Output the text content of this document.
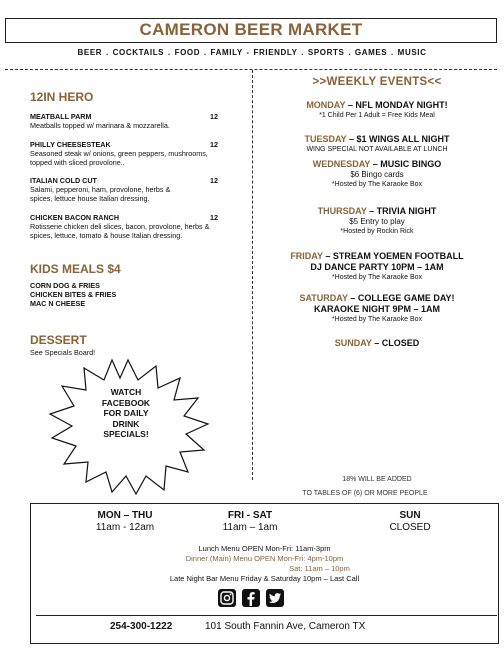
CAMERON BEER MARKET
BEER . COCKTAILS . FOOD . FAMILY - FRIENDLY . SPORTS . GAMES . MUSIC
12IN HERO
MEATBALL PARM	12
Meatballs topped w/ marinara & mozzarella.
PHILLY CHEESESTEAK	12
Seasoned steak w/ onions, green peppers, mushrooms, topped with sliced provolone..
ITALIAN COLD CUT	12
Salami, pepperoni, ham, provolone, herbs & spices, lettuce house Italian dressing.
CHICKEN BACON RANCH	12
Rotisserie chicken deli slices, bacon, provolone, herbs & spices, lettuce, tomato & house Italian dressing.
KIDS MEALS $4
CORN DOG & FRIES
CHICKEN BITES & FRIES
MAC N CHEESE
DESSERT
See Specials Board!
WATCH
FACEBOOK
FOR DAILY
DRINK
SPECIALS!
>>WEEKLY EVENTS<<
MONDAY – NFL MONDAY NIGHT!
*1 Child Per 1 Adult = Free Kids Meal
TUESDAY – $1 WINGS ALL NIGHT
WING SPECIAL NOT AVAILABLE AT LUNCH
WEDNESDAY – MUSIC BINGO
$6 Bingo cards
*Hosted by The Karaoke Box
THURSDAY – TRIVIA NIGHT
$5 Entry to play
*Hosted by Rockin Rick
FRIDAY – STREAM YOEMEN FOOTBALL
DJ DANCE PARTY 10PM – 1AM
*Hosted by The Karaoke Box
SATURDAY – COLLEGE GAME DAY!
KARAOKE NIGHT 9PM – 1AM
*Hosted by The Karaoke Box
SUNDAY – CLOSED
18% WILL BE ADDED
TO TABLES OF (6) OR MORE PEOPLE
MON – THU
11am - 12am
FRI - SAT
11am – 1am
SUN
CLOSED
Lunch Menu OPEN Mon-Fri: 11am-3pm
Dinner (Main) Menu OPEN Mon-Fri: 4pm-10pm
Sat: 11am – 10pm
Late Night Bar Menu Friday & Saturday 10pm – Last Call
254-300-1222	101 South Fannin Ave, Cameron TX
